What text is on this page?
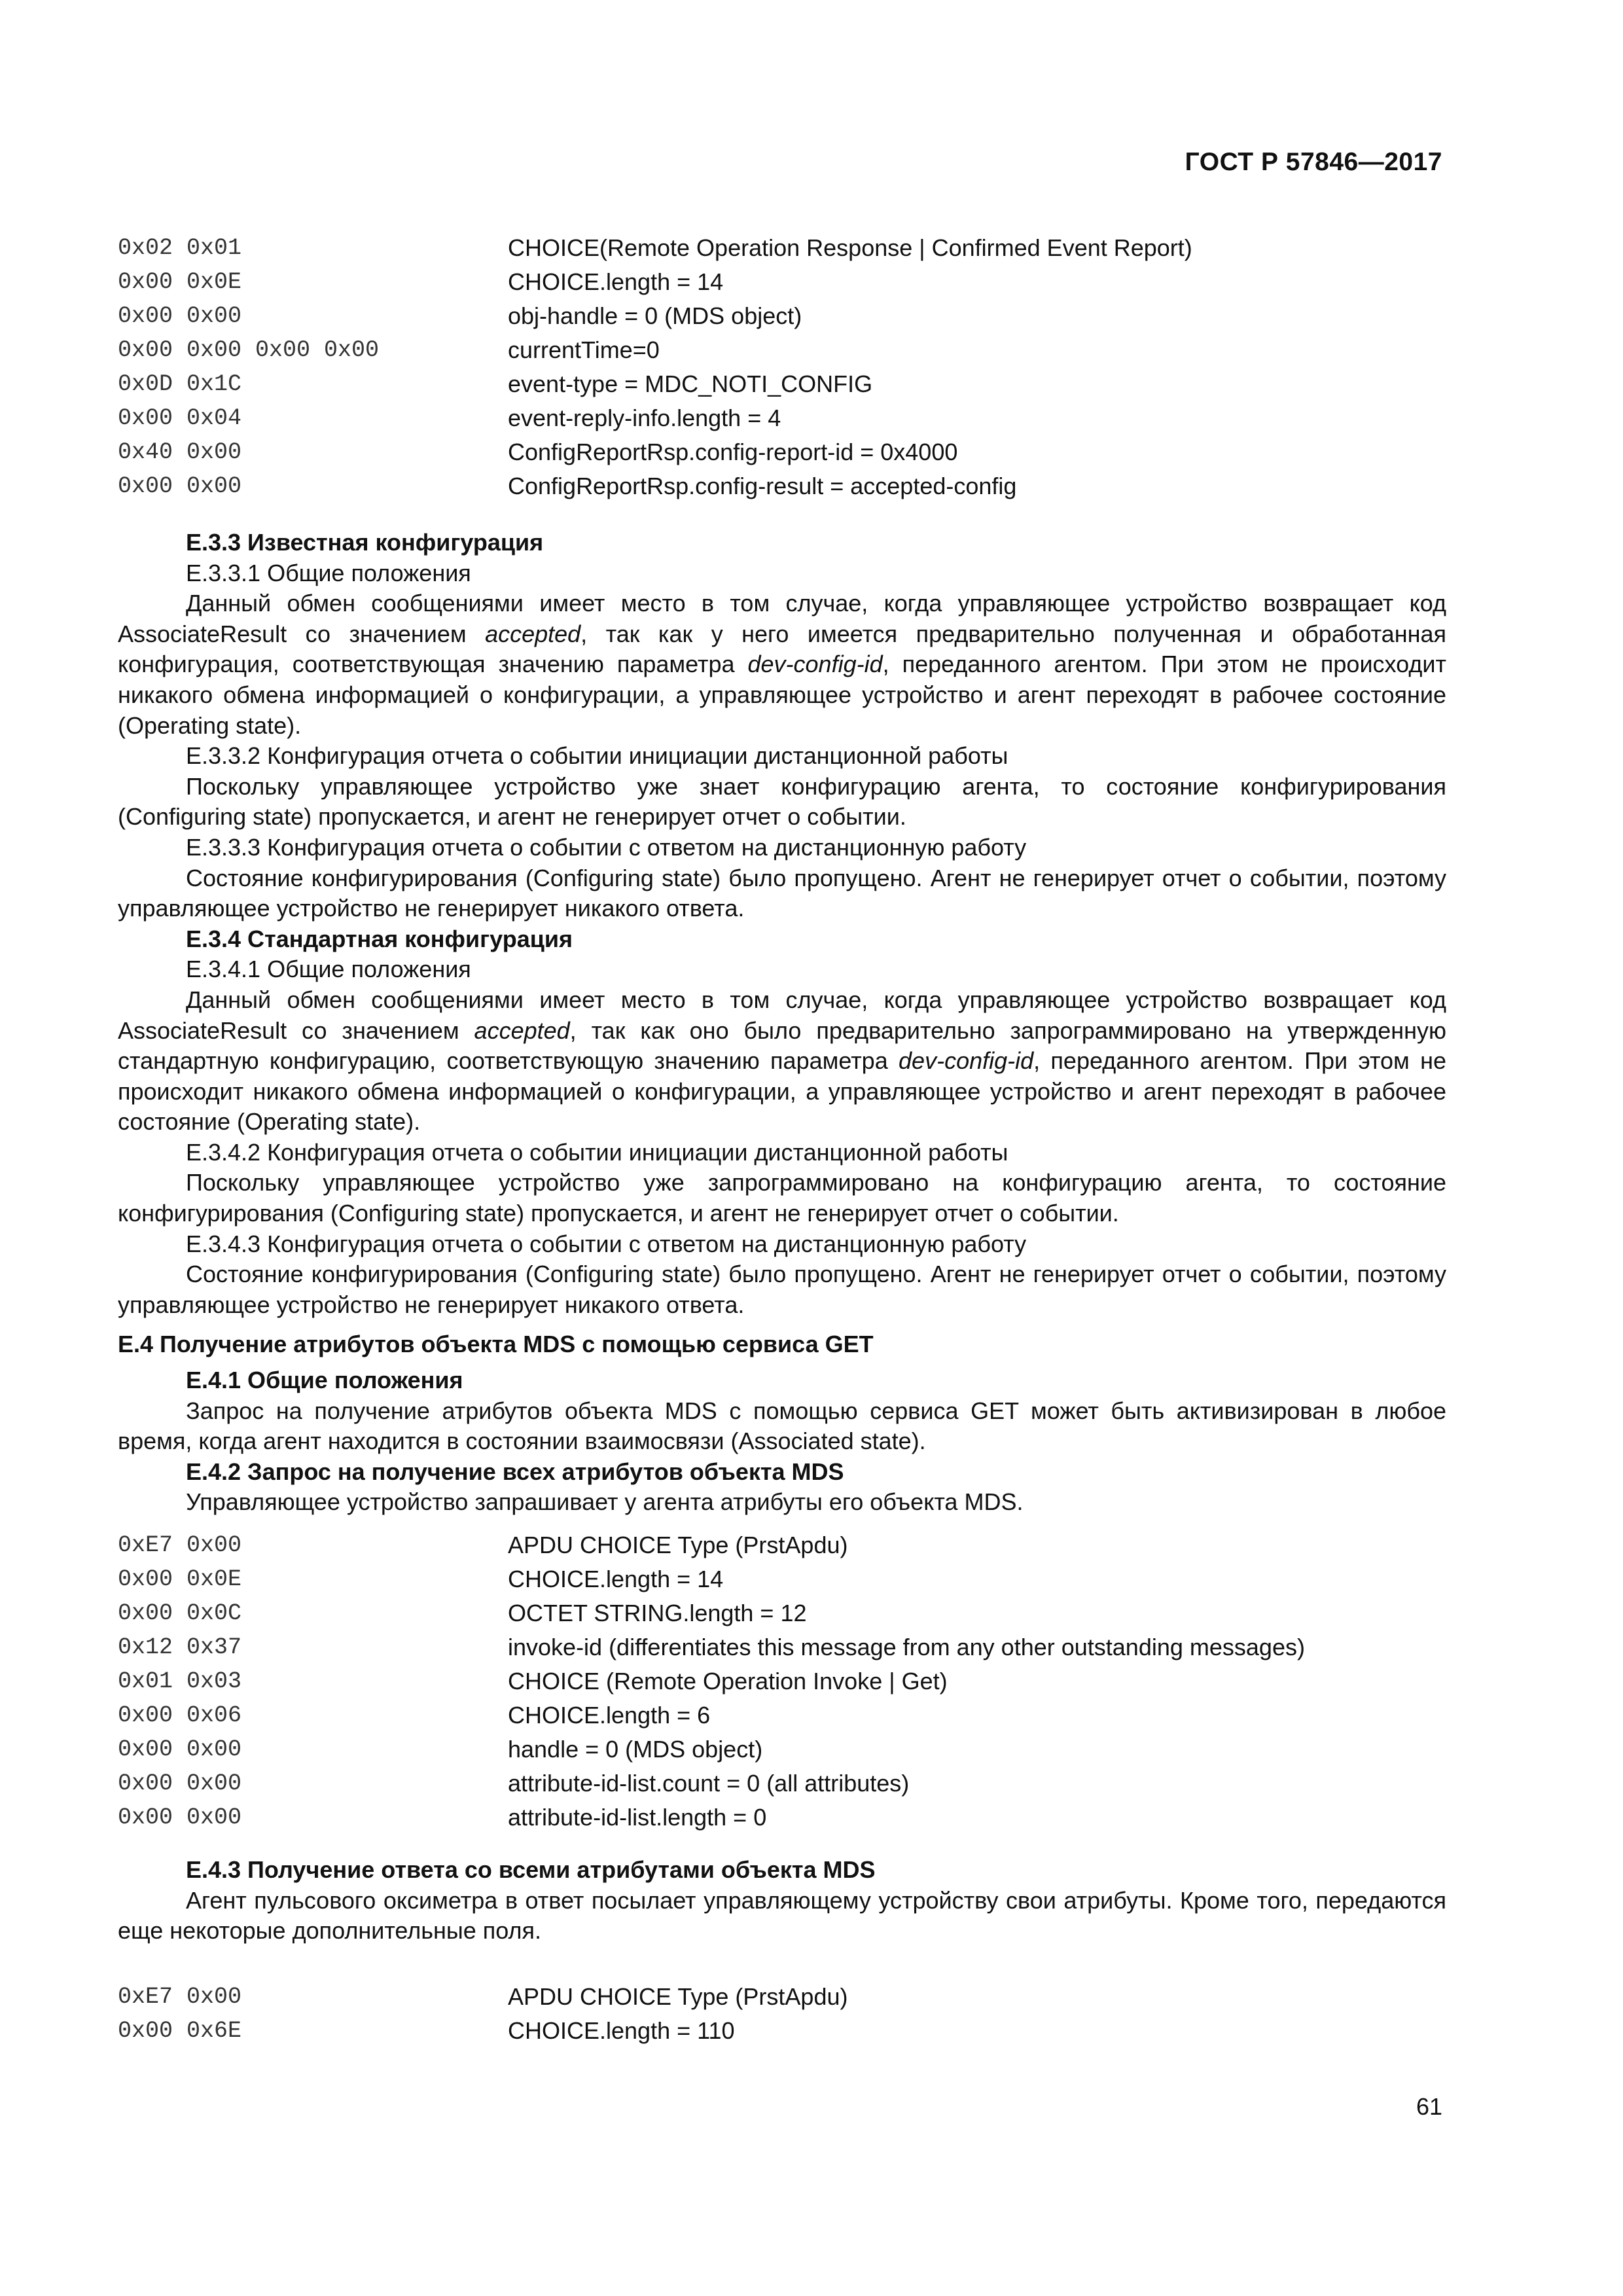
ГОСТ Р 57846—2017
0x02 0x01	CHOICE(Remote Operation Response | Confirmed Event Report)
0x00 0x0E	CHOICE.length = 14
0x00 0x00	obj-handle = 0 (MDS object)
0x00 0x00 0x00 0x00	currentTime=0
0x0D 0x1C	event-type = MDC_NOTI_CONFIG
0x00 0x04	event-reply-info.length = 4
0x40 0x00	ConfigReportRsp.config-report-id = 0x4000
0x00 0x00	ConfigReportRsp.config-result = accepted-config

E.3.3 Известная конфигурация

E.3.3.1 Общие положения

Данный обмен сообщениями имеет место в том случае, когда управляющее устройство возвращает код AssociateResult со значением accepted, так как у него имеется предварительно полученная и обработанная конфигурация, соответствующая значению параметра dev-config-id, переданного агентом. При этом не происходит никакого обмена информацией о конфигурации, а управляющее устройство и агент переходят в рабочее состояние (Operating state).

E.3.3.2 Конфигурация отчета о событии инициации дистанционной работы

Поскольку управляющее устройство уже знает конфигурацию агента, то состояние конфигурирования (Configuring state) пропускается, и агент не генерирует отчет о событии.

E.3.3.3 Конфигурация отчета о событии с ответом на дистанционную работу

Состояние конфигурирования (Configuring state) было пропущено. Агент не генерирует отчет о событии, поэтому управляющее устройство не генерирует никакого ответа.

E.3.4 Стандартная конфигурация

E.3.4.1 Общие положения

Данный обмен сообщениями имеет место в том случае, когда управляющее устройство возвращает код AssociateResult со значением accepted, так как оно было предварительно запрограммировано на утвержденную стандартную конфигурацию, соответствующую значению параметра dev-config-id, переданного агентом. При этом не происходит никакого обмена информацией о конфигурации, а управляющее устройство и агент переходят в рабочее состояние (Operating state).

E.3.4.2 Конфигурация отчета о событии инициации дистанционной работы

Поскольку управляющее устройство уже запрограммировано на конфигурацию агента, то состояние конфигурирования (Configuring state) пропускается, и агент не генерирует отчет о событии.

E.3.4.3 Конфигурация отчета о событии с ответом на дистанционную работу

Состояние конфигурирования (Configuring state) было пропущено. Агент не генерирует отчет о событии, поэтому управляющее устройство не генерирует никакого ответа.

E.4 Получение атрибутов объекта MDS с помощью сервиса GET

E.4.1 Общие положения

Запрос на получение атрибутов объекта MDS с помощью сервиса GET может быть активизирован в любое время, когда агент находится в состоянии взаимосвязи (Associated state).

E.4.2 Запрос на получение всех атрибутов объекта MDS

Управляющее устройство запрашивает у агента атрибуты его объекта MDS.

0xE7 0x00	APDU CHOICE Type (PrstApdu)
0x00 0x0E	CHOICE.length = 14
0x00 0x0C	OCTET STRING.length = 12
0x12 0x37	invoke-id (differentiates this message from any other outstanding messages)
0x01 0x03	CHOICE (Remote Operation Invoke | Get)
0x00 0x06	CHOICE.length = 6
0x00 0x00	handle = 0 (MDS object)
0x00 0x00	attribute-id-list.count = 0 (all attributes)
0x00 0x00	attribute-id-list.length = 0

E.4.3 Получение ответа со всеми атрибутами объекта MDS

Агент пульсового оксиметра в ответ посылает управляющему устройству свои атрибуты. Кроме того, передаются еще некоторые дополнительные поля.

0xE7 0x00	APDU CHOICE Type (PrstApdu)
0x00 0x6E	CHOICE.length = 110
61
